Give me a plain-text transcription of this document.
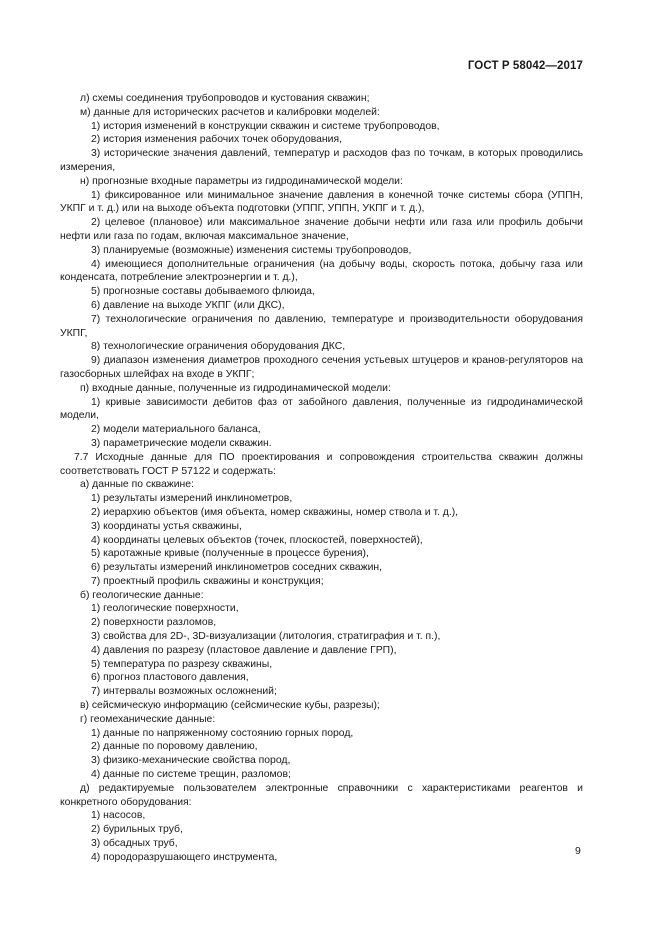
ГОСТ Р 58042—2017
л) схемы соединения трубопроводов и кустования скважин;
м) данные для исторических расчетов и калибровки моделей:
1) история изменений в конструкции скважин и системе трубопроводов,
2) история изменения рабочих точек оборудования,
3) исторические значения давлений, температур и расходов фаз по точкам, в которых проводились измерения,
н) прогнозные входные параметры из гидродинамической модели:
1) фиксированное или минимальное значение давления в конечной точке системы сбора (УППН, УКПГ и т. д.) или на выходе объекта подготовки (УППГ, УППН, УКПГ и т. д.),
2) целевое (плановое) или максимальное значение добычи нефти или газа или профиль добычи нефти или газа по годам, включая максимальное значение,
3) планируемые (возможные) изменения системы трубопроводов,
4) имеющиеся дополнительные ограничения (на добычу воды, скорость потока, добычу газа или конденсата, потребление электроэнергии и т. д.),
5) прогнозные составы добываемого флюида,
6) давление на выходе УКПГ (или ДКС),
7) технологические ограничения по давлению, температуре и производительности оборудования УКПГ,
8) технологические ограничения оборудования ДКС,
9) диапазон изменения диаметров проходного сечения устьевых штуцеров и кранов-регуляторов на газосборных шлейфах на входе в УКПГ;
п) входные данные, полученные из гидродинамической модели:
1) кривые зависимости дебитов фаз от забойного давления, полученные из гидродинамической модели,
2) модели материального баланса,
3) параметрические модели скважин.
7.7 Исходные данные для ПО проектирования и сопровождения строительства скважин должны соответствовать ГОСТ Р 57122 и содержать:
а) данные по скважине:
1) результаты измерений инклинометров,
2) иерархию объектов (имя объекта, номер скважины, номер ствола и т. д.),
3) координаты устья скважины,
4) координаты целевых объектов (точек, плоскостей, поверхностей),
5) каротажные кривые (полученные в процессе бурения),
6) результаты измерений инклинометров соседних скважин,
7) проектный профиль скважины и конструкция;
б) геологические данные:
1) геологические поверхности,
2) поверхности разломов,
3) свойства для 2D-, 3D-визуализации (литология, стратиграфия и т. п.),
4) давления по разрезу (пластовое давление и давление ГРП),
5) температура по разрезу скважины,
6) прогноз пластового давления,
7) интервалы возможных осложнений;
в) сейсмическую информацию (сейсмические кубы, разрезы);
г) геомеханические данные:
1) данные по напряженному состоянию горных пород,
2) данные по поровому давлению,
3) физико-механические свойства пород,
4) данные по системе трещин, разломов;
д) редактируемые пользователем электронные справочники с характеристиками реагентов и конкретного оборудования:
1) насосов,
2) бурильных труб,
3) обсадных труб,
4) породоразрушающего инструмента,
9
